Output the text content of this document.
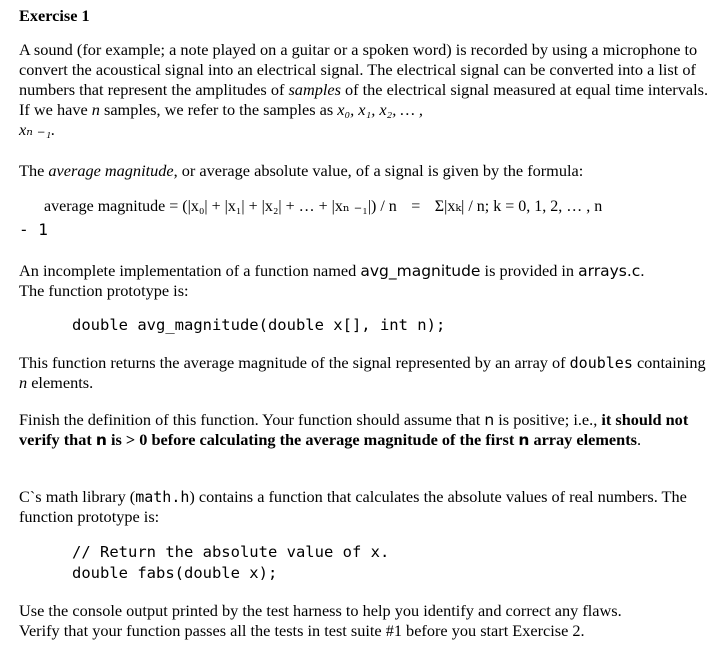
Exercise 1

A sound (for example; a note played on a guitar or a spoken word) is recorded by using a microphone to convert the acoustical signal into an electrical signal. The electrical signal can be converted into a list of numbers that represent the amplitudes of samples of the electrical signal measured at equal time intervals. If we have n samples, we refer to the samples as x₀, x₁, x₂, … ,
xₙ ₋₁.

The average magnitude, or average absolute value, of a signal is given by the formula:

average magnitude = (|x₀| + |x₁| + |x₂| + … + |xₙ ₋₁|) / n = Σ|xₖ| / n; k = 0, 1, 2, … , n
- 1

An incomplete implementation of a function named avg_magnitude is provided in arrays.c.
The function prototype is:

double avg_magnitude(double x[], int n);

This function returns the average magnitude of the signal represented by an array of doubles containing n elements.

Finish the definition of this function. Your function should assume that n is positive; i.e., it should not verify that n is > 0 before calculating the average magnitude of the first n array elements.

C`s math library (math.h) contains a function that calculates the absolute values of real numbers. The function prototype is:

// Return the absolute value of x.
double fabs(double x);

Use the console output printed by the test harness to help you identify and correct any flaws.
Verify that your function passes all the tests in test suite #1 before you start Exercise 2.
